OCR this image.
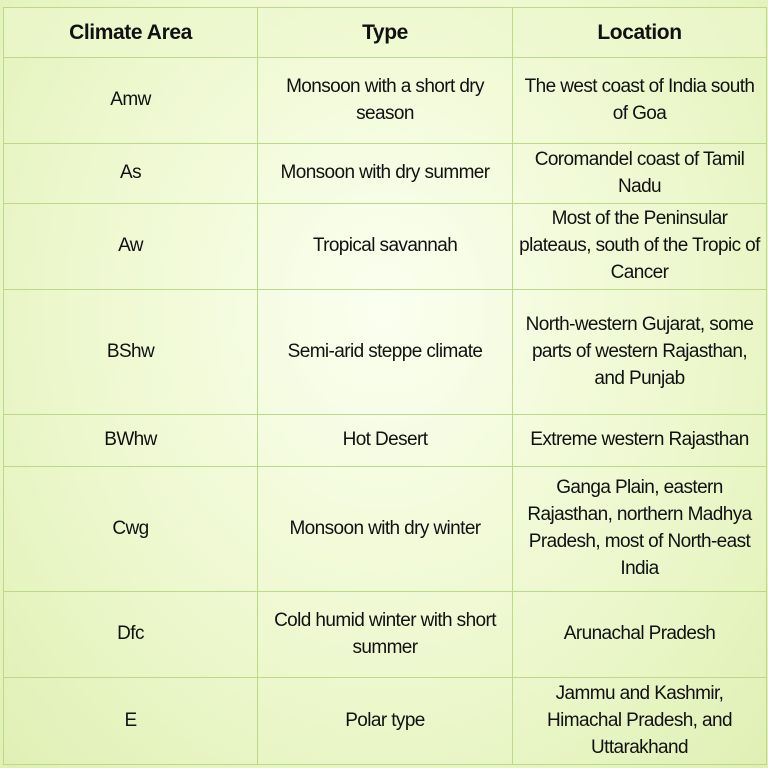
Climate Area	Type	Location
Amw	Monsoon with a short dry season	The west coast of India south of Goa
As	Monsoon with dry summer	Coromandel coast of Tamil Nadu
Aw	Tropical savannah	Most of the Peninsular plateaus, south of the Tropic of Cancer
BShw	Semi-arid steppe climate	North-western Gujarat, some parts of western Rajasthan, and Punjab
BWhw	Hot Desert	Extreme western Rajasthan
Cwg	Monsoon with dry winter	Ganga Plain, eastern Rajasthan, northern Madhya Pradesh, most of North-east India
Dfc	Cold humid winter with short summer	Arunachal Pradesh
E	Polar type	Jammu and Kashmir, Himachal Pradesh, and Uttarakhand
